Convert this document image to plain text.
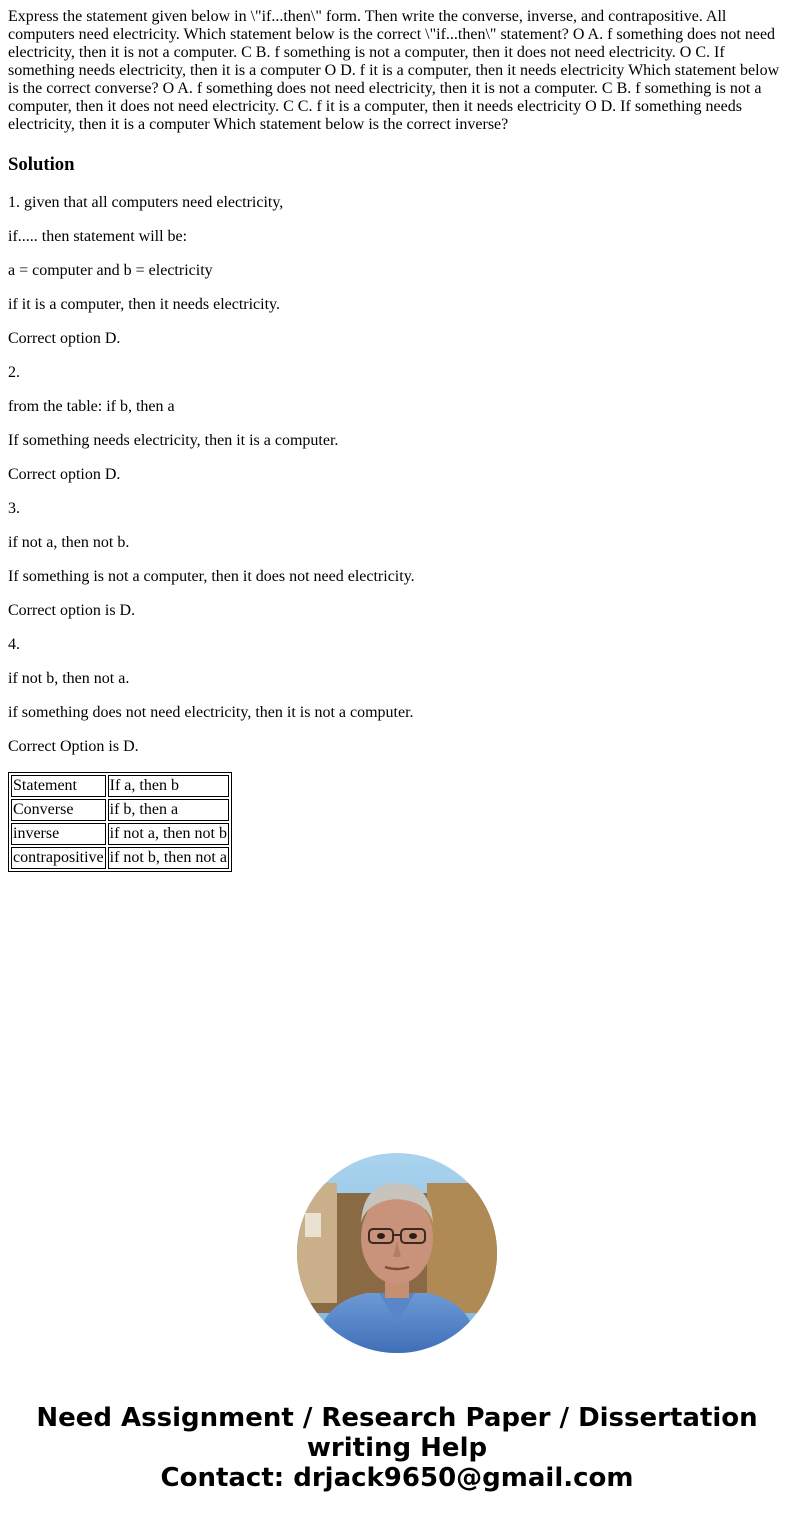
Express the statement given below in \"if...then\" form. Then write the converse, inverse, and contrapositive. All computers need electricity. Which statement below is the correct \"if...then\" statement? O A. f something does not need electricity, then it is not a computer. C B. f something is not a computer, then it does not need electricity. O C. If something needs electricity, then it is a computer O D. f it is a computer, then it needs electricity Which statement below is the correct converse? O A. f something does not need electricity, then it is not a computer. C B. f something is not a computer, then it does not need electricity. C C. f it is a computer, then it needs electricity O D. If something needs electricity, then it is a computer Which statement below is the correct inverse?
Solution

1. given that all computers need electricity,

if..... then statement will be:

a = computer and b = electricity

if it is a computer, then it needs electricity.

Correct option D.

2.

from the table: if b, then a

If something needs electricity, then it is a computer.

Correct option D.

3.

if not a, then not b.

If something is not a computer, then it does not need electricity.

Correct option is D.

4.

if not b, then not a.

if something does not need electricity, then it is not a computer.

Correct Option is D.

Statement	If a, then b
Converse	if b, then a
inverse	if not a, then not b
contrapositive	if not b, then not a
Need Assignment / Research Paper / Dissertation
writing Help
Contact: drjack9650@gmail.com
